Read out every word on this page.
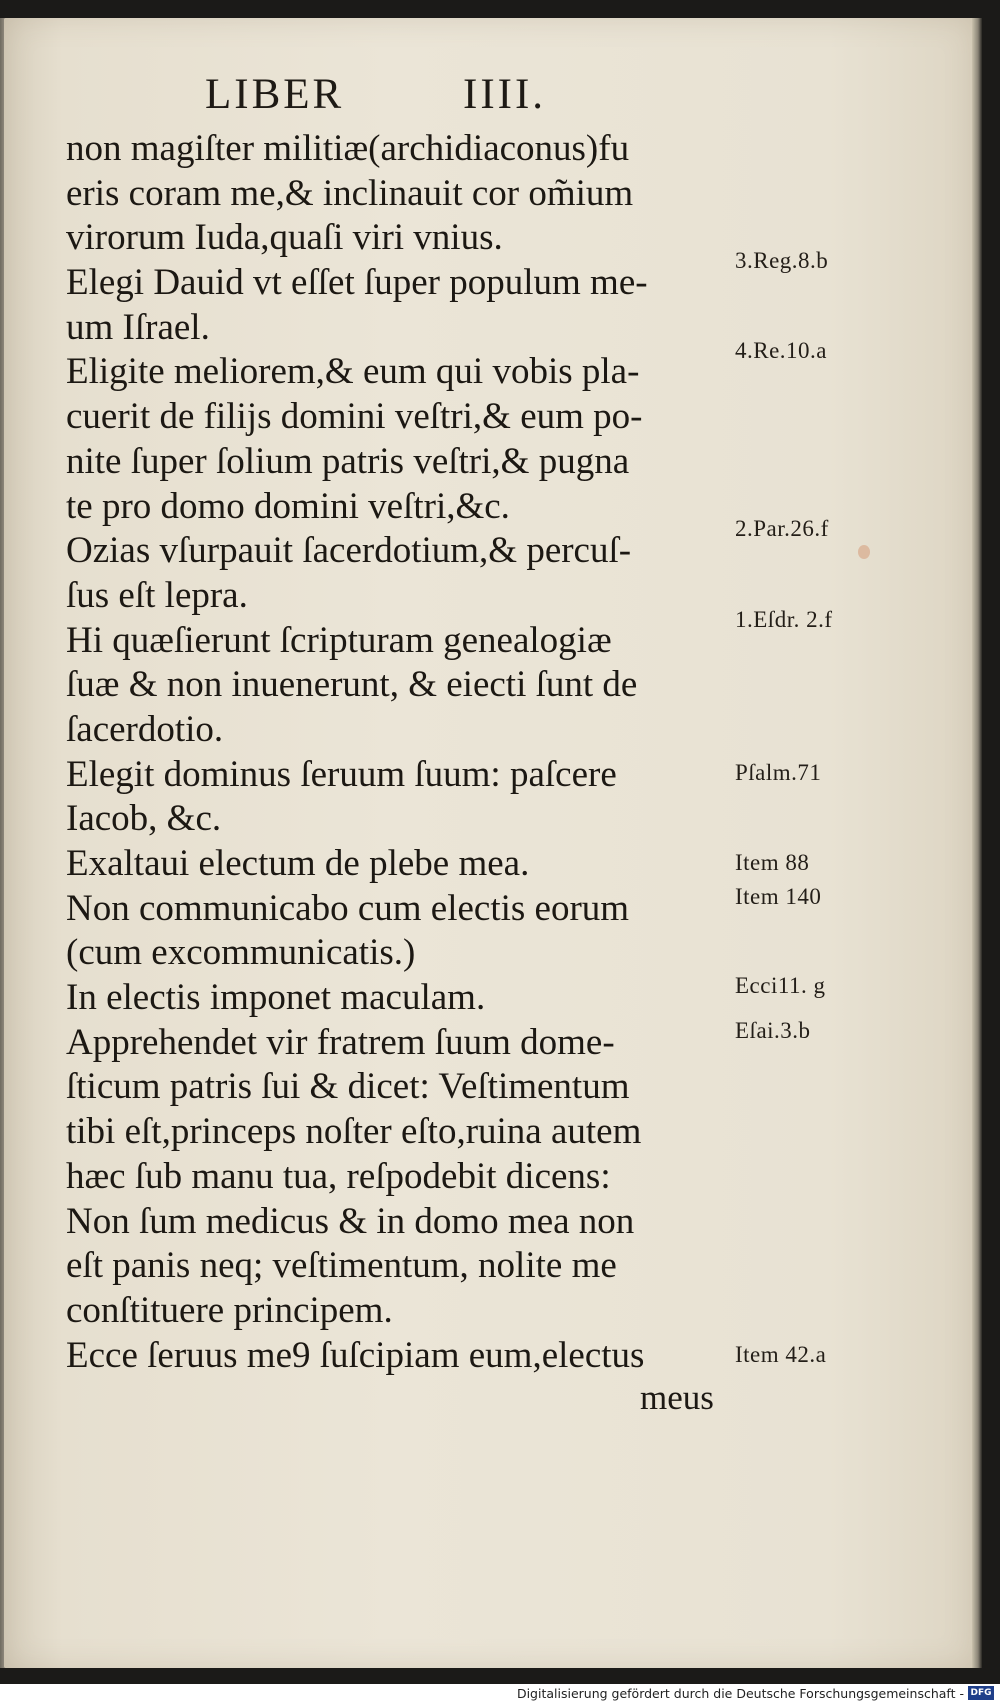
LIBER	IIII.
non magiſter militiæ(archidiaconus)fu
eris coram me,& inclinauit cor om̃ium
virorum Iuda,quaſi viri vnius.
Elegi Dauid vt eſſet ſuper populum me-
um Iſrael.
Eligite meliorem,& eum qui vobis pla-
cuerit de filijs domini veſtri,& eum po-
nite ſuper ſolium patris veſtri,& pugna
te pro domo domini veſtri,&c.
Ozias vſurpauit ſacerdotium,& percuſ-
ſus eſt lepra.
Hi quæſierunt ſcripturam genealogiæ
ſuæ & non inuenerunt, & eiecti ſunt de
ſacerdotio.
Elegit dominus ſeruum ſuum: paſcere
Iacob, &c.
Exaltaui electum de plebe mea.
Non communicabo cum electis eorum
(cum excommunicatis.)
In electis imponet maculam.
Apprehendet vir fratrem ſuum dome-
ſticum patris ſui & dicet: Veſtimentum
tibi eſt,princeps noſter eſto,ruina autem
hæc ſub manu tua, reſpodebit dicens:
Non ſum medicus & in domo mea non
eſt panis neq; veſtimentum, nolite me
conſtituere principem.
Ecce ſeruus me9 ſuſcipiam eum,electus
meus
3.Reg.8.b
4.Re.10.a
2.Par.26.f
1.Eſdr. 2.f
Pſalm.71
Item 88
Item 140
Ecci11. g
Eſai.3.b
Item 42.a
Digitalisierung gefördert durch die Deutsche Forschungsgemeinschaft - DFG
